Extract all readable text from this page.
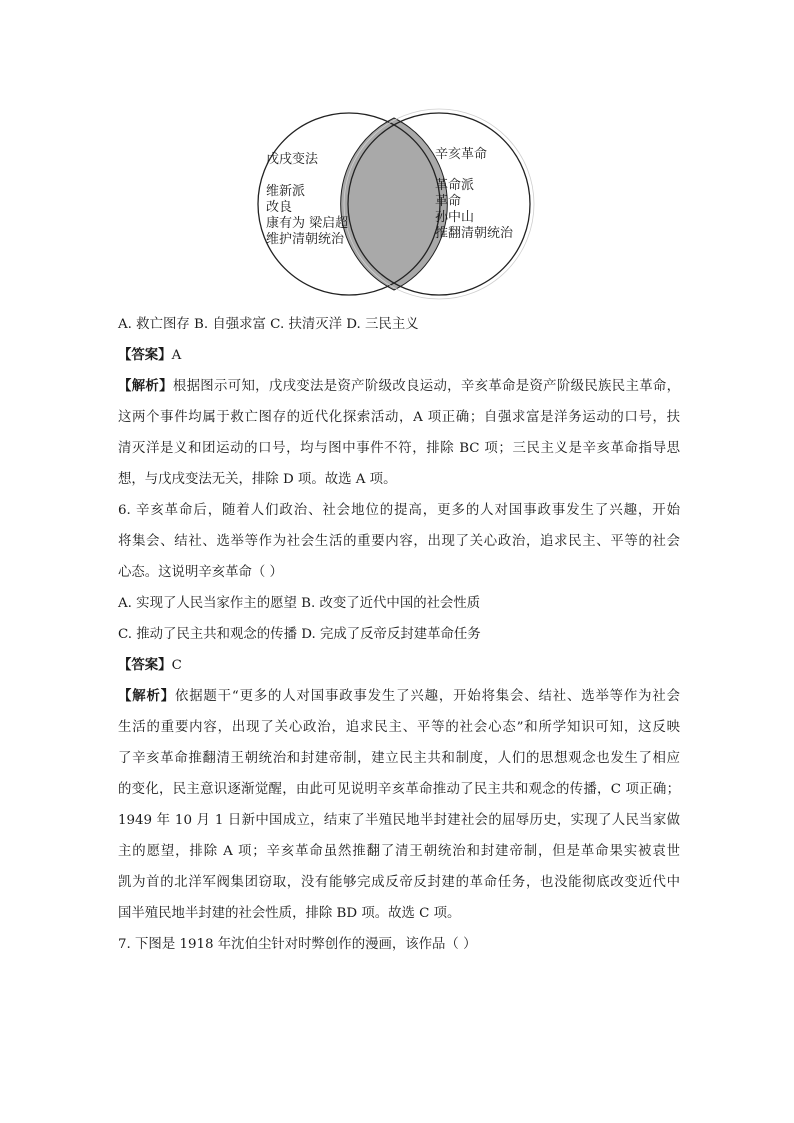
戊戌变法
维新派
改良
康有为 梁启超
维护清朝统治
辛亥革命
革命派
革命
孙中山
推翻清朝统治
A. 救亡图存 B. 自强求富 C. 扶清灭洋 D. 三民主义
【答案】A
【解析】根据图示可知，戊戌变法是资产阶级改良运动，辛亥革命是资产阶级民族民主革命，
这两个事件均属于救亡图存的近代化探索活动，A 项正确；自强求富是洋务运动的口号，扶
清灭洋是义和团运动的口号，均与图中事件不符，排除 BC 项；三民主义是辛亥革命指导思
想，与戊戌变法无关，排除 D 项。故选 A 项。
6. 辛亥革命后，随着人们政治、社会地位的提高，更多的人对国事政事发生了兴趣，开始
将集会、结社、选举等作为社会生活的重要内容，出现了关心政治，追求民主、平等的社会
心态。这说明辛亥革命（ ）
A. 实现了人民当家作主的愿望 B. 改变了近代中国的社会性质
C. 推动了民主共和观念的传播 D. 完成了反帝反封建革命任务
【答案】C
【解析】依据题干“更多的人对国事政事发生了兴趣，开始将集会、结社、选举等作为社会
生活的重要内容，出现了关心政治，追求民主、平等的社会心态”和所学知识可知，这反映
了辛亥革命推翻清王朝统治和封建帝制，建立民主共和制度，人们的思想观念也发生了相应
的变化，民主意识逐渐觉醒，由此可见说明辛亥革命推动了民主共和观念的传播，C 项正确；
1949 年 10 月 1 日新中国成立，结束了半殖民地半封建社会的屈辱历史，实现了人民当家做
主的愿望，排除 A 项；辛亥革命虽然推翻了清王朝统治和封建帝制，但是革命果实被袁世
凯为首的北洋军阀集团窃取，没有能够完成反帝反封建的革命任务，也没能彻底改变近代中
国半殖民地半封建的社会性质，排除 BD 项。故选 C 项。
7. 下图是 1918 年沈伯尘针对时弊创作的漫画，该作品（ ）
